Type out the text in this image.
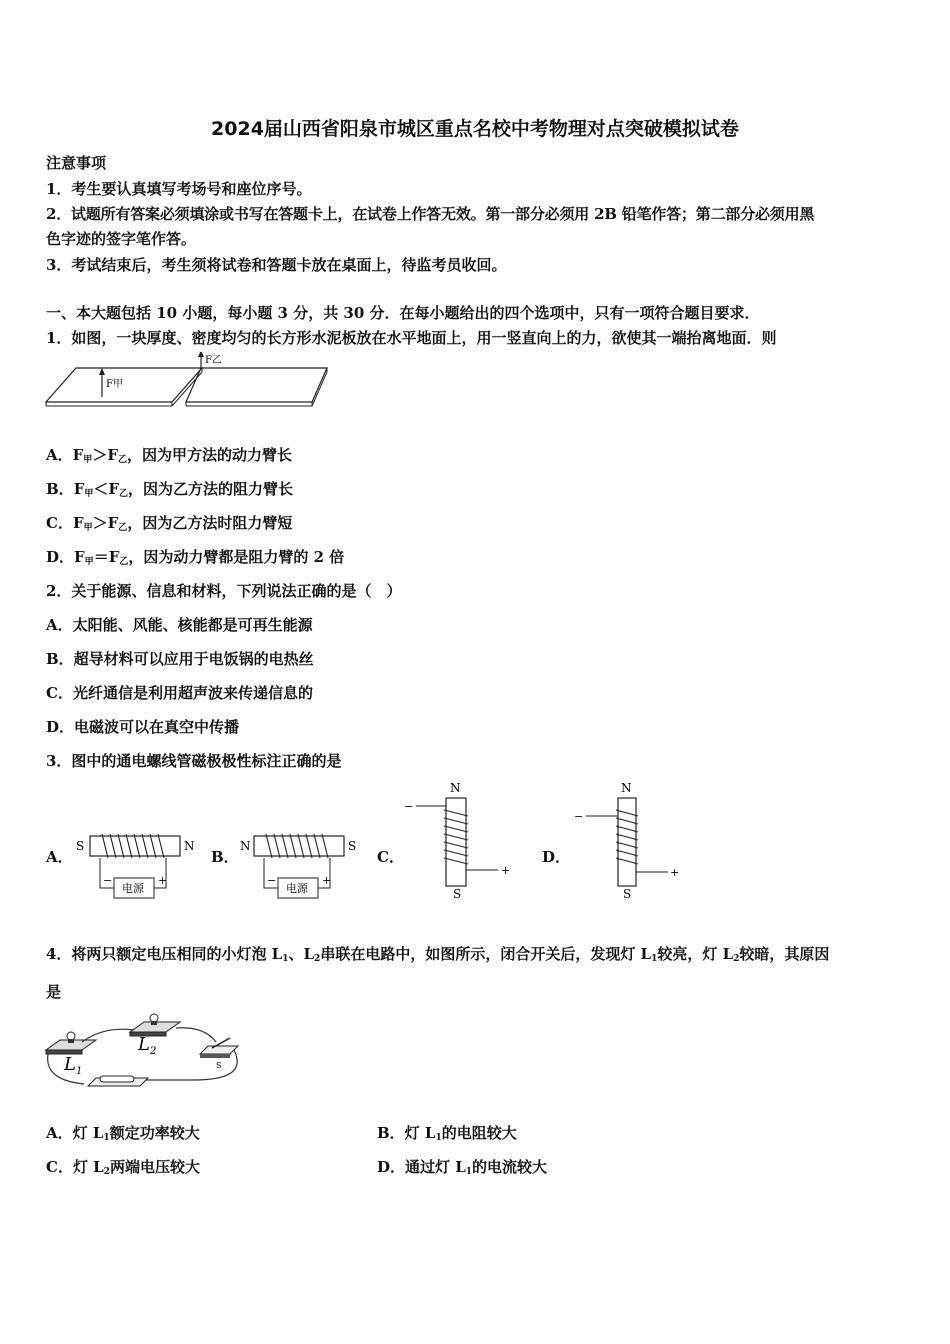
2024届山西省阳泉市城区重点名校中考物理对点突破模拟试卷
注意事项
1．考生要认真填写考场号和座位序号。
2．试题所有答案必须填涂或书写在答题卡上，在试卷上作答无效。第一部分必须用 2B 铅笔作答；第二部分必须用黑
色字迹的签字笔作答。
3．考试结束后，考生须将试卷和答题卡放在桌面上，待监考员收回。
一、本大题包括 10 小题，每小题 3 分，共 30 分．在每小题给出的四个选项中，只有一项符合题目要求．
1．如图，一块厚度、密度均匀的长方形水泥板放在水平地面上，用一竖直向上的力，欲使其一端抬离地面．则
F甲
F乙
A．$F_甲>F_乙$，因为甲方法的动力臂长
B．$F_甲<F_乙$，因为乙方法的阻力臂长
C．$F_甲>F_乙$，因为乙方法时阻力臂短
D．$F_甲=F_乙$，因为动力臂都是阻力臂的 2 倍
2．关于能源、信息和材料，下列说法正确的是（　）
A．太阳能、风能、核能都是可再生能源
B．超导材料可以应用于电饭锅的电热丝
C．光纤通信是利用超声波来传递信息的
D．电磁波可以在真空中传播
3．图中的通电螺线管磁极极性标注正确的是
A．	B．	C．	D．
S	N
电源
+
−
N	S
电源
+
−
N
S
−
+
N
S
−
+
4．将两只额定电压相同的小灯泡 $L_1$、$L_2$串联在电路中，如图所示，闭合开关后，发现灯 $L_1$较亮，灯 $L_2$较暗，其原因
是
$L_1$
$L_2$
S
A．灯 $L_1$额定功率较大	B．灯 $L_1$的电阻较大
C．灯 $L_2$两端电压较大	D．通过灯 $L_1$的电流较大
